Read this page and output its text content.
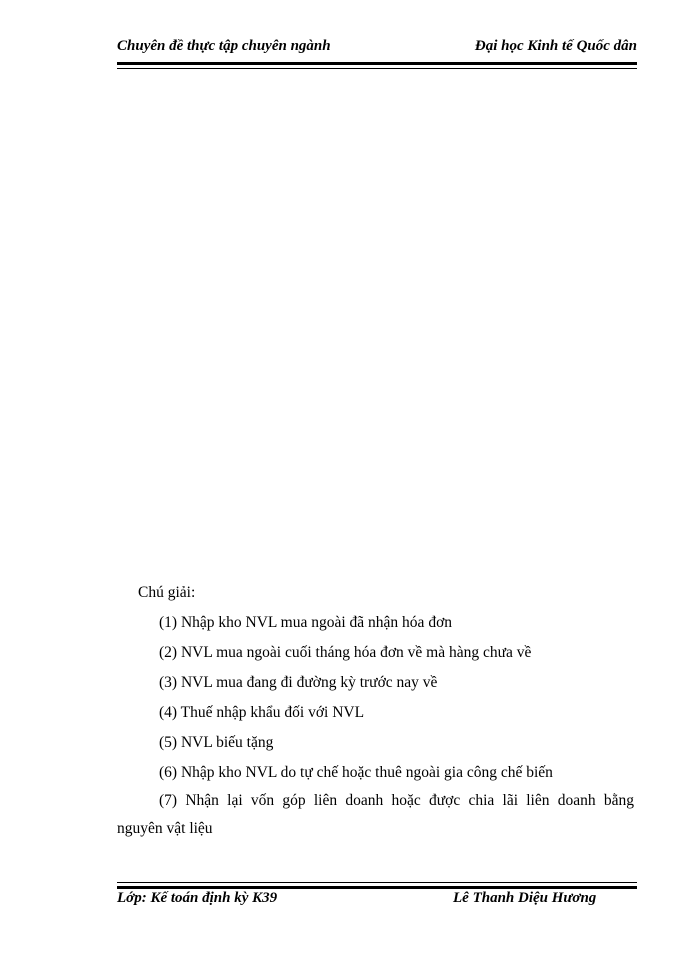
Chuyên đề thực tập chuyên ngành	Đại học Kinh tế Quốc dân
Chú giải:
(1) Nhập kho NVL mua ngoài đã nhận hóa đơn
(2) NVL mua ngoài cuối tháng hóa đơn về mà hàng chưa về
(3) NVL mua đang đi đường kỳ trước nay về
(4) Thuế nhập khẩu đối với NVL
(5) NVL biếu tặng
(6) Nhập kho NVL do tự chế hoặc thuê ngoài gia công chế biến
(7) Nhận lại vốn góp liên doanh hoặc được chia lãi liên doanh bằng
nguyên vật liệu
Lớp: Kế toán định kỳ K39	Lê Thanh Diệu Hương
